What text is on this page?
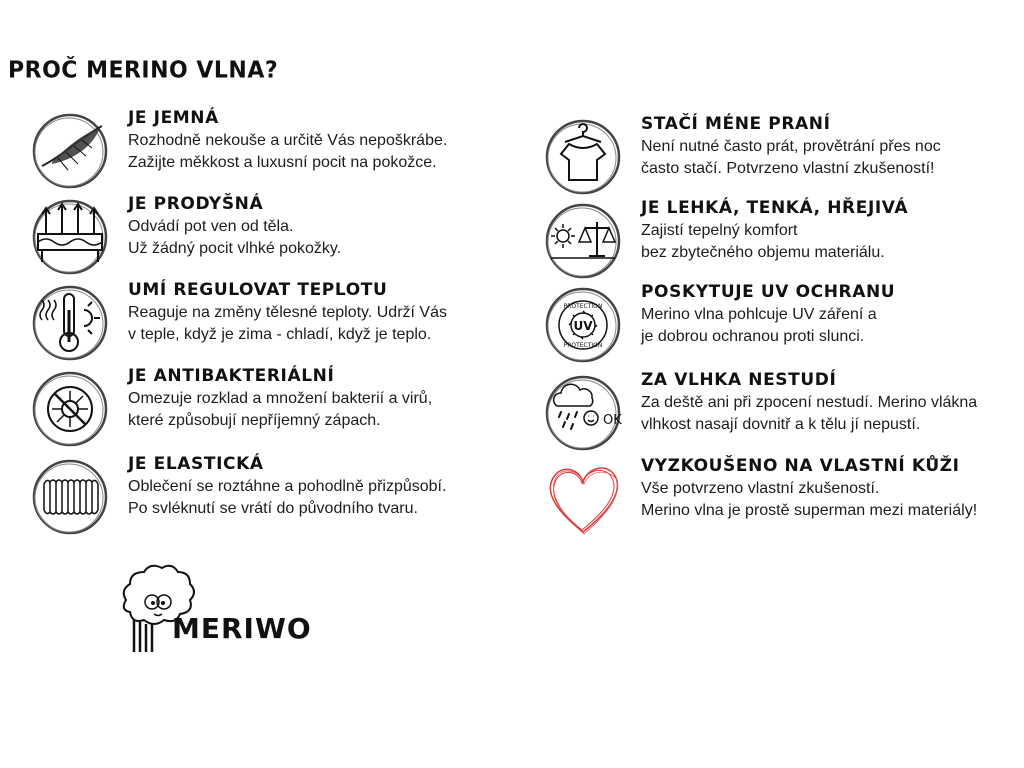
PROČ MERINO VLNA?
JE JEMNÁ
Rozhodně nekouše a určitě Vás nepoškrábe.
Zažijte měkkost a luxusní pocit na pokožce.
JE PRODYŠNÁ
Odvádí pot ven od těla.
Už žádný pocit vlhké pokožky.
UMÍ REGULOVAT TEPLOTU
Reaguje na změny tělesné teploty. Udrží Vás
v teple, když je zima - chladí, když je teplo.
JE ANTIBAKTERIÁLNÍ
Omezuje rozklad a množení bakterií a virů,
které způsobují nepříjemný zápach.
JE ELASTICKÁ
Oblečení se roztáhne a pohodlně přizpůsobí.
Po svléknutí se vrátí do původního tvaru.
STAČÍ MÉNE PRANÍ
Není nutné často prát, provětrání přes noc
často stačí. Potvrzeno vlastní zkušeností!
JE LEHKÁ, TENKÁ, HŘEJIVÁ
Zajistí tepelný komfort
bez zbytečného objemu materiálu.
UV
PROTECTION
PROTECTION
POSKYTUJE UV OCHRANU
Merino vlna pohlcuje UV záření a
je dobrou ochranou proti slunci.
OK
ZA VLHKA NESTUDÍ
Za deště ani při zpocení nestudí. Merino vlákna
vlhkost nasají dovnitř a k tělu jí nepustí.
VYZKOUŠENO NA VLASTNÍ KŮŽI
Vše potvrzeno vlastní zkušeností.
Merino vlna je prostě superman mezi materiály!
MERIWO
